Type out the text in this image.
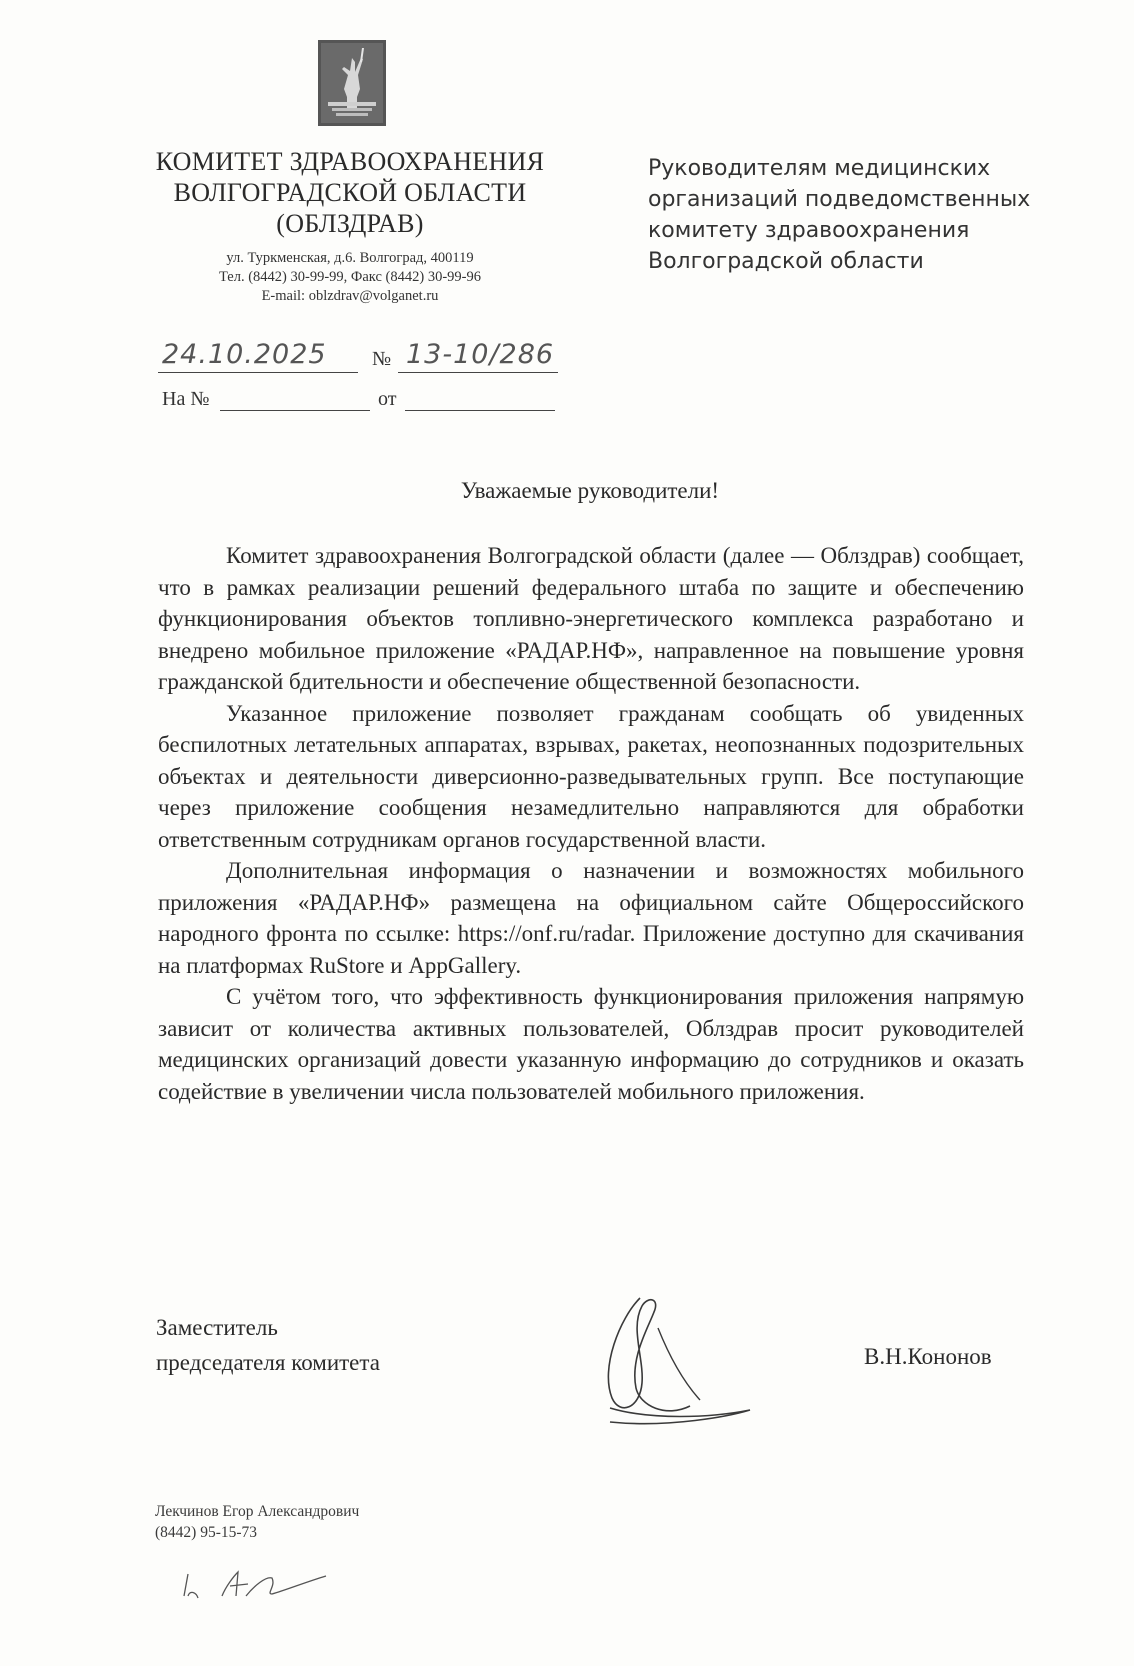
КОМИТЕТ ЗДРАВООХРАНЕНИЯ
ВОЛГОГРАДСКОЙ ОБЛАСТИ
(ОБЛЗДРАВ)
ул. Туркменская, д.6. Волгоград, 400119
Тел. (8442) 30-99-99, Факс (8442) 30-99-96
E-mail: oblzdrav@volganet.ru
Руководителям медицинских
организаций подведомственных
комитету здравоохранения
Волгоградской области
24.10.2025 № 13-10/286
На №	от
Уважаемые руководители!

Комитет здравоохранения Волгоградской области (далее — Облздрав) сообщает, что в рамках реализации решений федерального штаба по защите и обеспечению функционирования объектов топливно-энергетического комплекса разработано и внедрено мобильное приложение «РАДАР.НФ», направленное на повышение уровня гражданской бдительности и обеспечение общественной безопасности.

Указанное приложение позволяет гражданам сообщать об увиденных беспилотных летательных аппаратах, взрывах, ракетах, неопознанных подозрительных объектах и деятельности диверсионно-разведывательных групп. Все поступающие через приложение сообщения незамедлительно направляются для обработки ответственным сотрудникам органов государственной власти.

Дополнительная информация о назначении и возможностях мобильного приложения «РАДАР.НФ» размещена на официальном сайте Общероссийского народного фронта по ссылке: https://onf.ru/radar. Приложение доступно для скачивания на платформах RuStore и AppGallery.

С учётом того, что эффективность функционирования приложения напрямую зависит от количества активных пользователей, Облздрав просит руководителей медицинских организаций довести указанную информацию до сотрудников и оказать содействие в увеличении числа пользователей мобильного приложения.

Заместитель
председателя комитета	В.Н.Кононов
Лекчинов Егор Александрович
(8442) 95-15-73
